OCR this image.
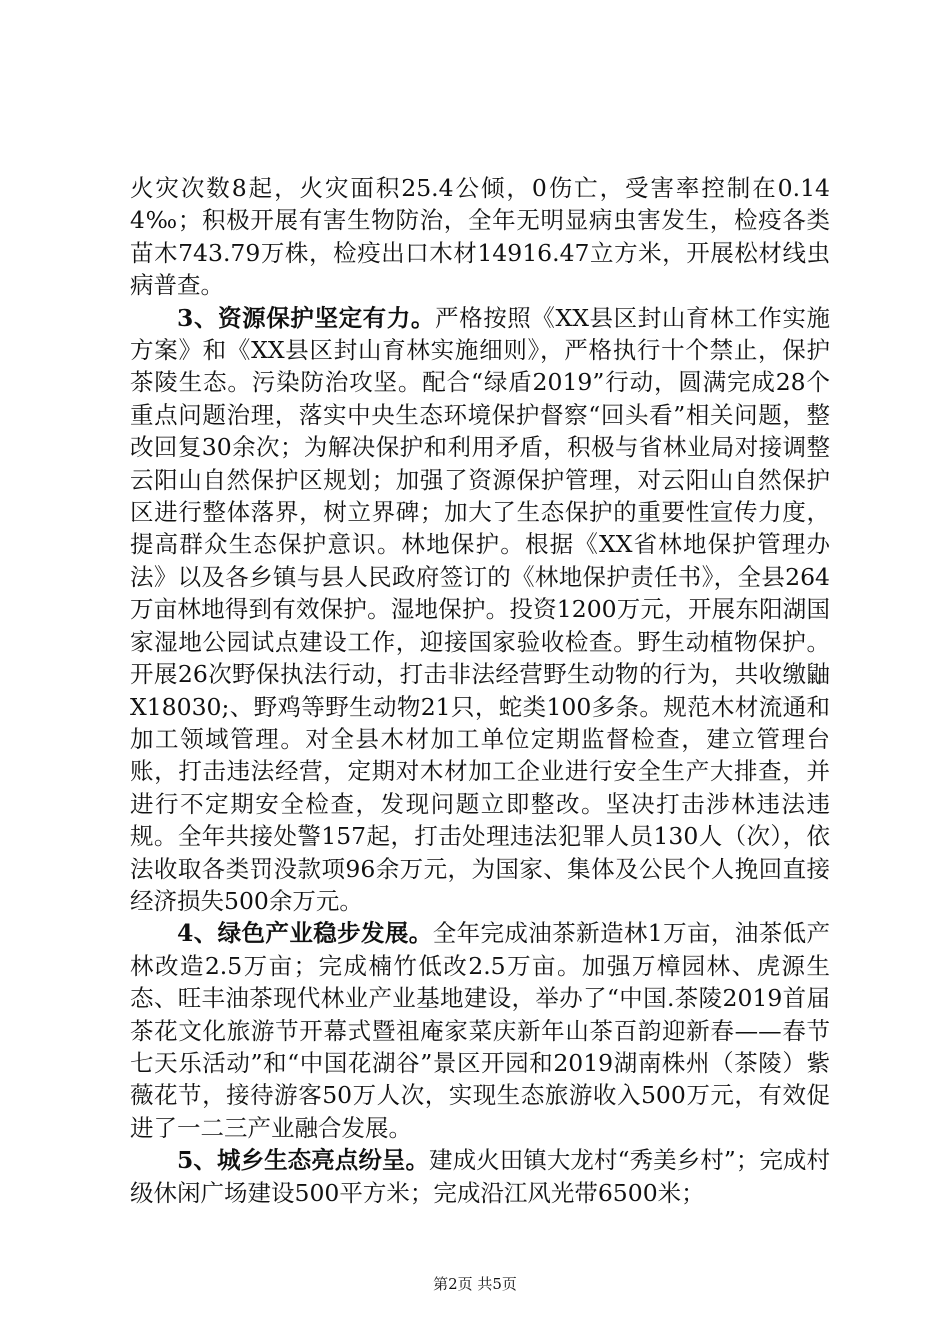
火灾次数8起，火灾面积25.4公倾，0伤亡，受害率控制在0.144‰；积极开展有害生物防治，全年无明显病虫害发生，检疫各类苗木743.79万株，检疫出口木材14916.47立方米，开展松材线虫病普查。

3、资源保护坚定有力。严格按照《XX县区封山育林工作实施方案》和《XX县区封山育林实施细则》，严格执行十个禁止，保护茶陵生态。污染防治攻坚。配合“绿盾2019”行动，圆满完成28个重点问题治理，落实中央生态环境保护督察“回头看”相关问题，整改回复30余次；为解决保护和利用矛盾，积极与省林业局对接调整云阳山自然保护区规划；加强了资源保护管理，对云阳山自然保护区进行整体落界，树立界碑；加大了生态保护的重要性宣传力度，提高群众生态保护意识。林地保护。根据《XX省林地保护管理办法》以及各乡镇与县人民政府签订的《林地保护责任书》，全县264万亩林地得到有效保护。湿地保护。投资1200万元，开展东阳湖国家湿地公园试点建设工作，迎接国家验收检查。野生动植物保护。开展26次野保执法行动，打击非法经营野生动物的行为，共收缴鼬X18030;、野鸡等野生动物21只，蛇类100多条。规范木材流通和加工领域管理。对全县木材加工单位定期监督检查，建立管理台账，打击违法经营，定期对木材加工企业进行安全生产大排查，并进行不定期安全检查，发现问题立即整改。坚决打击涉林违法违规。全年共接处警157起，打击处理违法犯罪人员130人（次），依法收取各类罚没款项96余万元，为国家、集体及公民个人挽回直接经济损失500余万元。

4、绿色产业稳步发展。全年完成油茶新造林1万亩，油茶低产林改造2.5万亩；完成楠竹低改2.5万亩。加强万樟园林、虎源生态、旺丰油茶现代林业产业基地建设，举办了“中国.茶陵2019首届茶花文化旅游节开幕式暨祖庵家菜庆新年山茶百韵迎新春——春节七天乐活动”和“中国花湖谷”景区开园和2019湖南株州（茶陵）紫薇花节，接待游客50万人次，实现生态旅游收入500万元，有效促进了一二三产业融合发展。

5、城乡生态亮点纷呈。建成火田镇大龙村“秀美乡村”；完成村级休闲广场建设500平方米；完成沿江风光带6500米；

第2页 共5页
